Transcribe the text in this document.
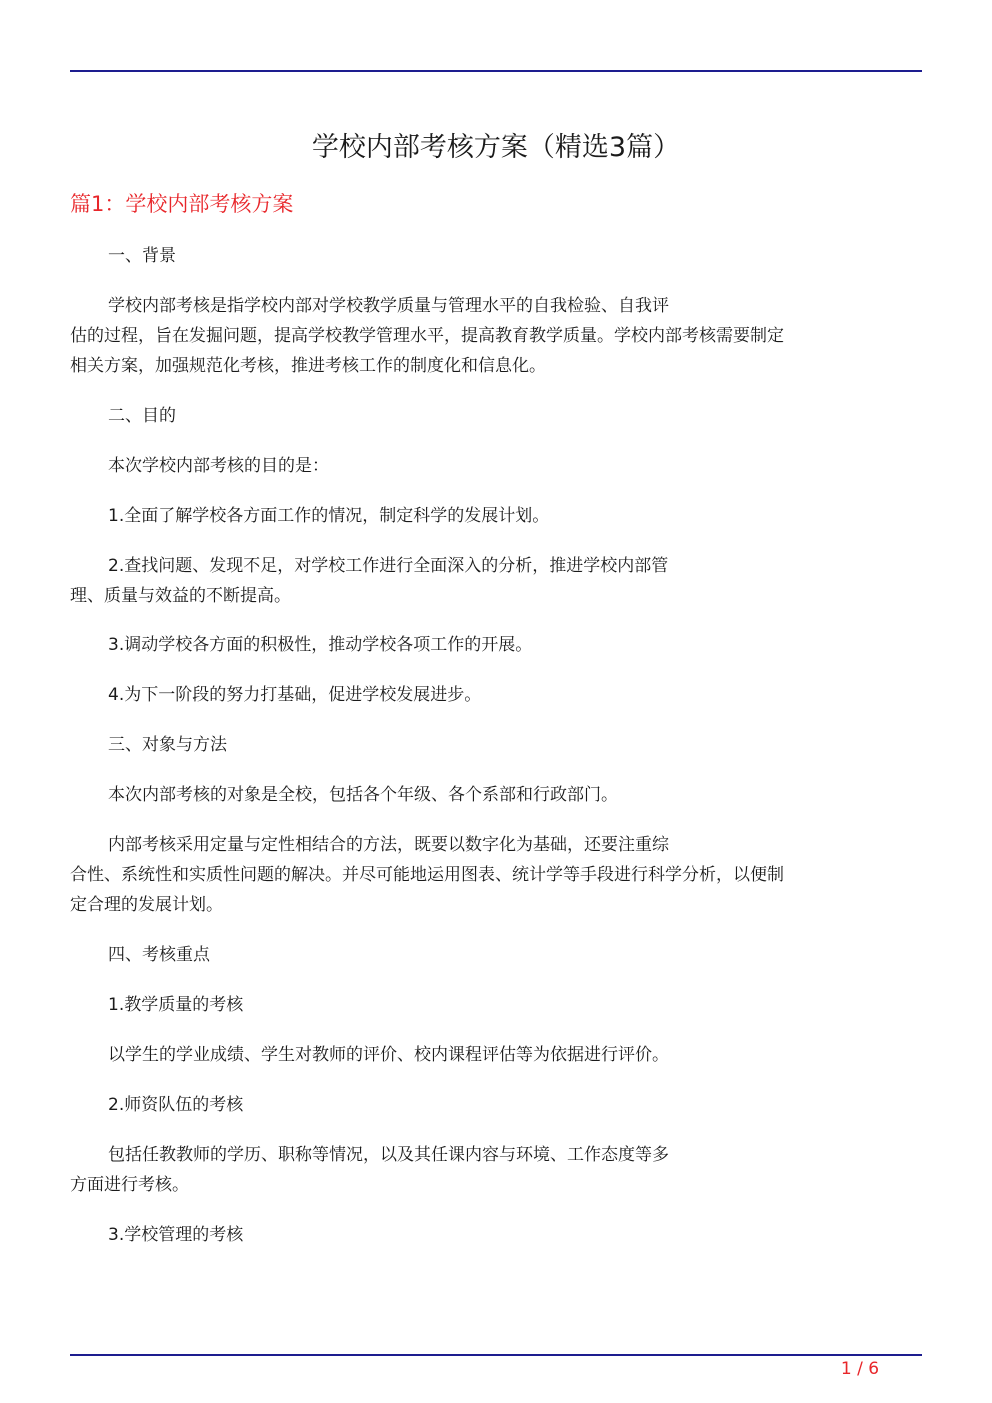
学校内部考核方案（精选3篇）
篇1：学校内部考核方案
一、背景
学校内部考核是指学校内部对学校教学质量与管理水平的自我检验、自我评
估的过程，旨在发掘问题，提高学校教学管理水平，提高教育教学质量。学校内部考核需要制定
相关方案，加强规范化考核，推进考核工作的制度化和信息化。
二、目的
本次学校内部考核的目的是：
1.全面了解学校各方面工作的情况，制定科学的发展计划。
2.查找问题、发现不足，对学校工作进行全面深入的分析，推进学校内部管
理、质量与效益的不断提高。
3.调动学校各方面的积极性，推动学校各项工作的开展。
4.为下一阶段的努力打基础，促进学校发展进步。
三、对象与方法
本次内部考核的对象是全校，包括各个年级、各个系部和行政部门。
内部考核采用定量与定性相结合的方法，既要以数字化为基础，还要注重综
合性、系统性和实质性问题的解决。并尽可能地运用图表、统计学等手段进行科学分析，以便制
定合理的发展计划。
四、考核重点
1.教学质量的考核
以学生的学业成绩、学生对教师的评价、校内课程评估等为依据进行评价。
2.师资队伍的考核
包括任教教师的学历、职称等情况，以及其任课内容与环境、工作态度等多
方面进行考核。
3.学校管理的考核
1 / 6
